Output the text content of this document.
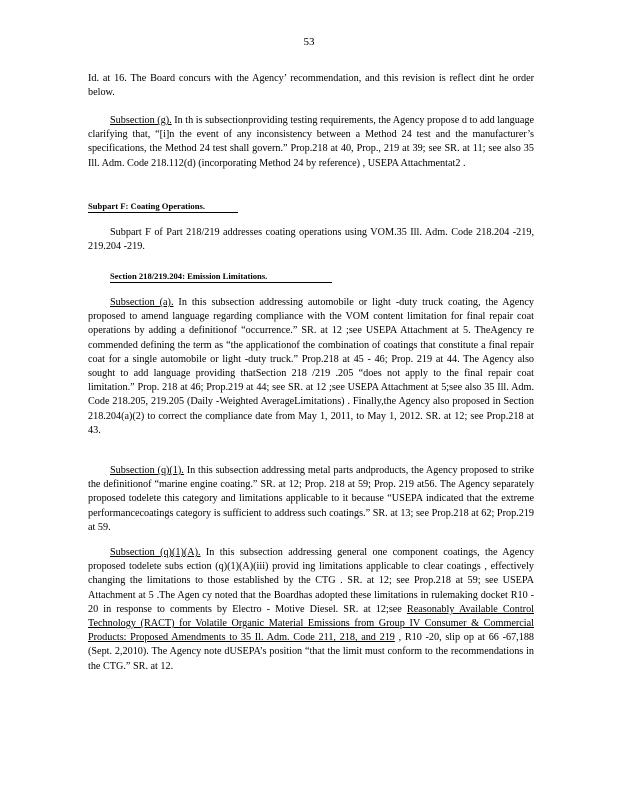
53

Id. at 16. The Board concurs with the Agency’ recommendation, and this revision is reflect dint he order below.

Subsection (g). In th is subsectionproviding testing requirements, the Agency propose d to add language clarifying that, “[i]n the event of any inconsistency between a Method 24 test and the manufacturer’s specifications, the Method 24 test shall govern.” Prop.218 at 40, Prop., 219 at 39; see SR. at 11; see also 35 Ill. Adm. Code 218.112(d) (incorporating Method 24 by reference) , USEPA Attachmentat2 .

Subpart F: Coating Operations.

Subpart F of Part 218/219 addresses coating operations using VOM.35 Ill. Adm. Code 218.204 -219, 219.204 -219.

Section 218/219.204: Emission Limitations.

Subsection (a). In this subsection addressing automobile or light -duty truck coating, the Agency proposed to amend language regarding compliance with the VOM content limitation for final repair coat operations by adding a definitionof “occurrence.” SR. at 12 ;see USEPA Attachment at 5. TheAgency re commended defining the term as “the applicationof the combination of coatings that constitute a final repair coat for a single automobile or light -duty truck.” Prop.218 at 45 - 46; Prop. 219 at 44. The Agency also sought to add language providing thatSection 218 /219 .205 “does not apply to the final repair coat limitation.” Prop. 218 at 46; Prop.219 at 44; see SR. at 12 ;see USEPA Attachment at 5;see also 35 Ill. Adm. Code 218.205, 219.205 (Daily -Weighted AverageLimitations) . Finally,the Agency also proposed in Section 218.204(a)(2) to correct the compliance date from May 1, 2011, to May 1, 2012. SR. at 12; see Prop.218 at 43.

Subsection (q)(1). In this subsection addressing metal parts andproducts, the Agency proposed to strike the definitionof “marine engine coating.” SR. at 12; Prop. 218 at 59; Prop. 219 at56. The Agency separately proposed todelete this category and limitations applicable to it because “USEPA indicated that the extreme performancecoatings category is sufficient to address such coatings.” SR. at 13; see Prop.218 at 62; Prop.219 at 59.

Subsection (q)(1)(A). In this subsection addressing general one component coatings, the Agency proposed todelete subs ection (q)(1)(A)(iii) provid ing limitations applicable to clear coatings , effectively changing the limitations to those established by the CTG . SR. at 12; see Prop.218 at 59; see USEPA Attachment at 5 .The Agen cy noted that the Boardhas adopted these limitations in rulemaking docket R10 - 20 in response to comments by Electro - Motive Diesel. SR. at 12;see Reasonably Available Control Technology (RACT) for Volatile Organic Material Emissions from Group IV Consumer & Commercial Products: Proposed Amendments to 35 Il. Adm. Code 211, 218, and 219 , R10 -20, slip op at 66 -67,188 (Sept. 2,2010). The Agency note dUSEPA’s position “that the limit must conform to the recommendations in the CTG.” SR. at 12.
